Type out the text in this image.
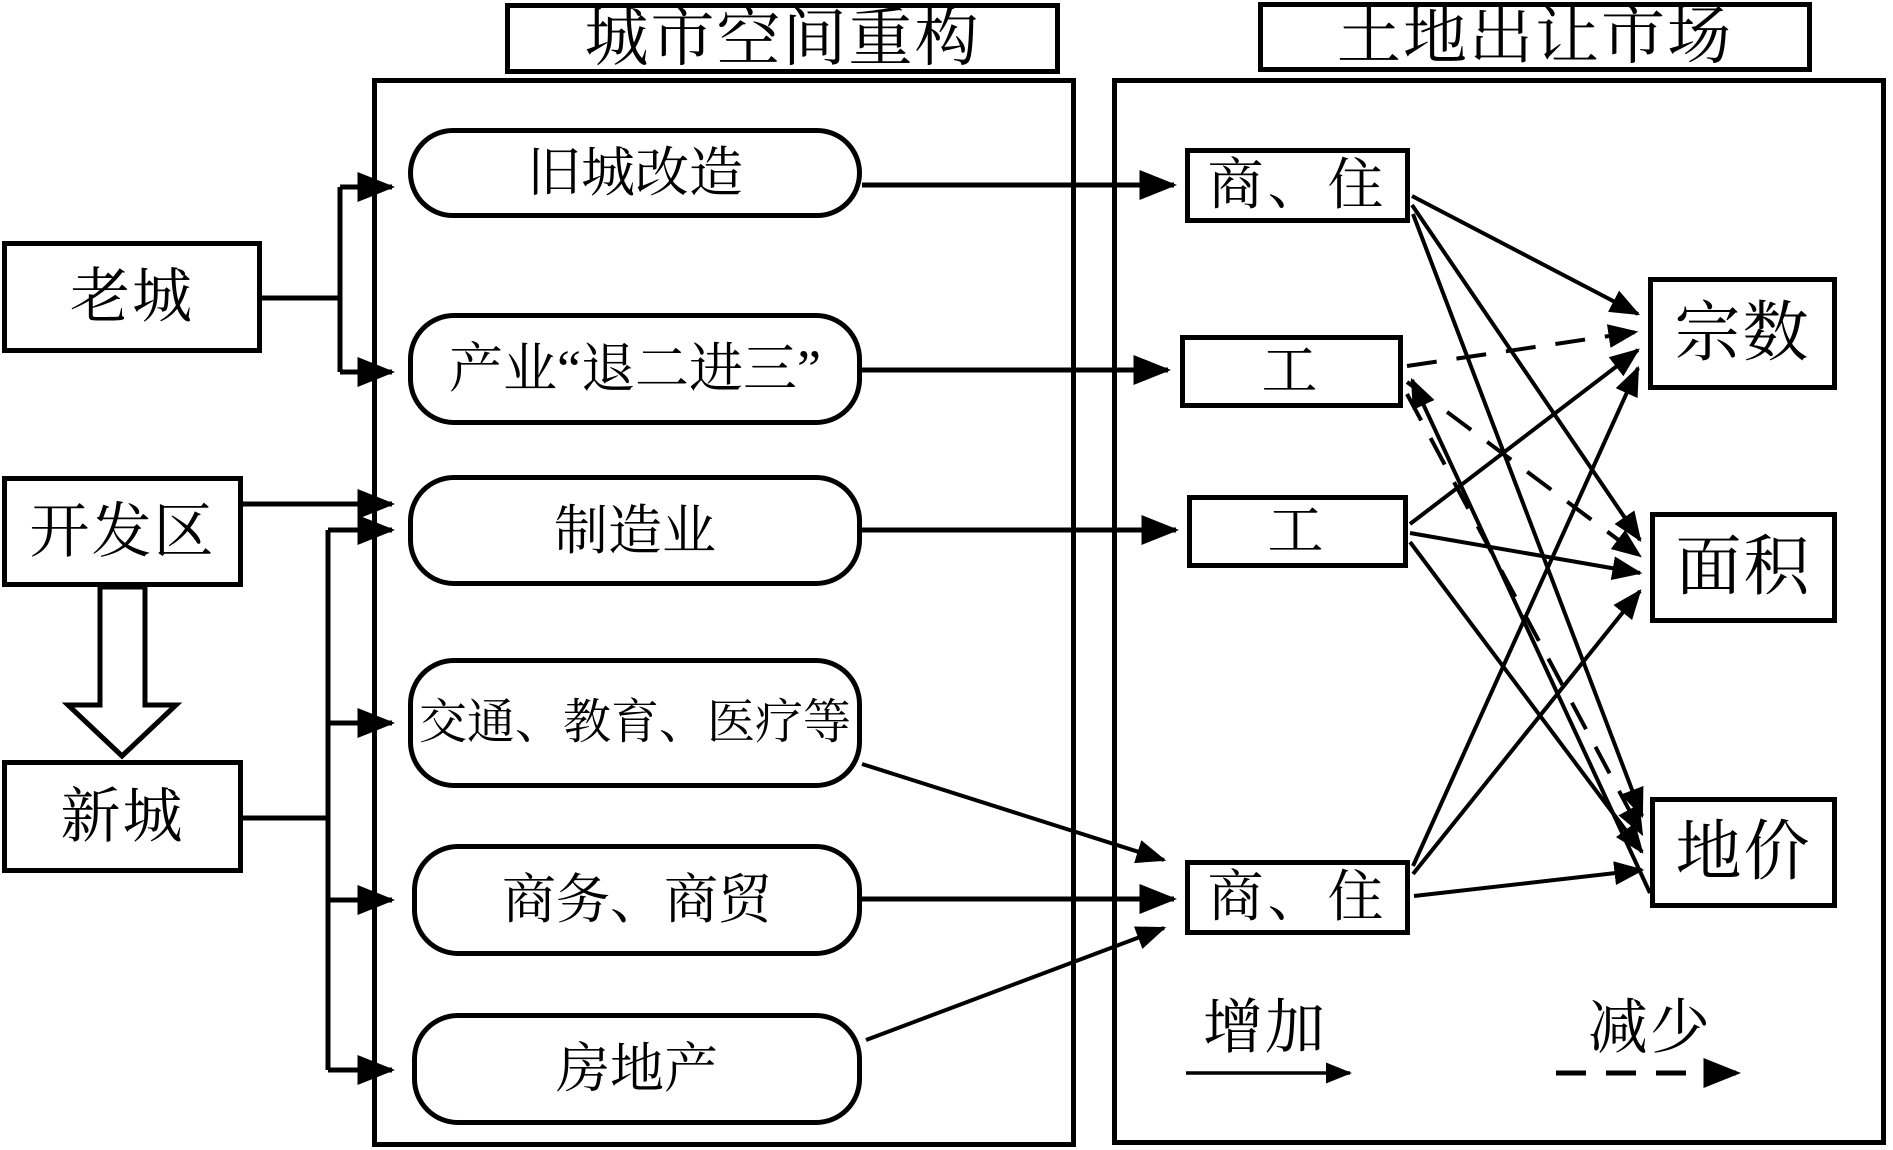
城市空间重构	土地出让市场
老城
开发区
新城
旧城改造
产业“退二进三”
制造业
交通、教育、医疗等
商务、商贸
房地产
商、住
工
工
商、住
宗数
面积
地价
增加	减少
